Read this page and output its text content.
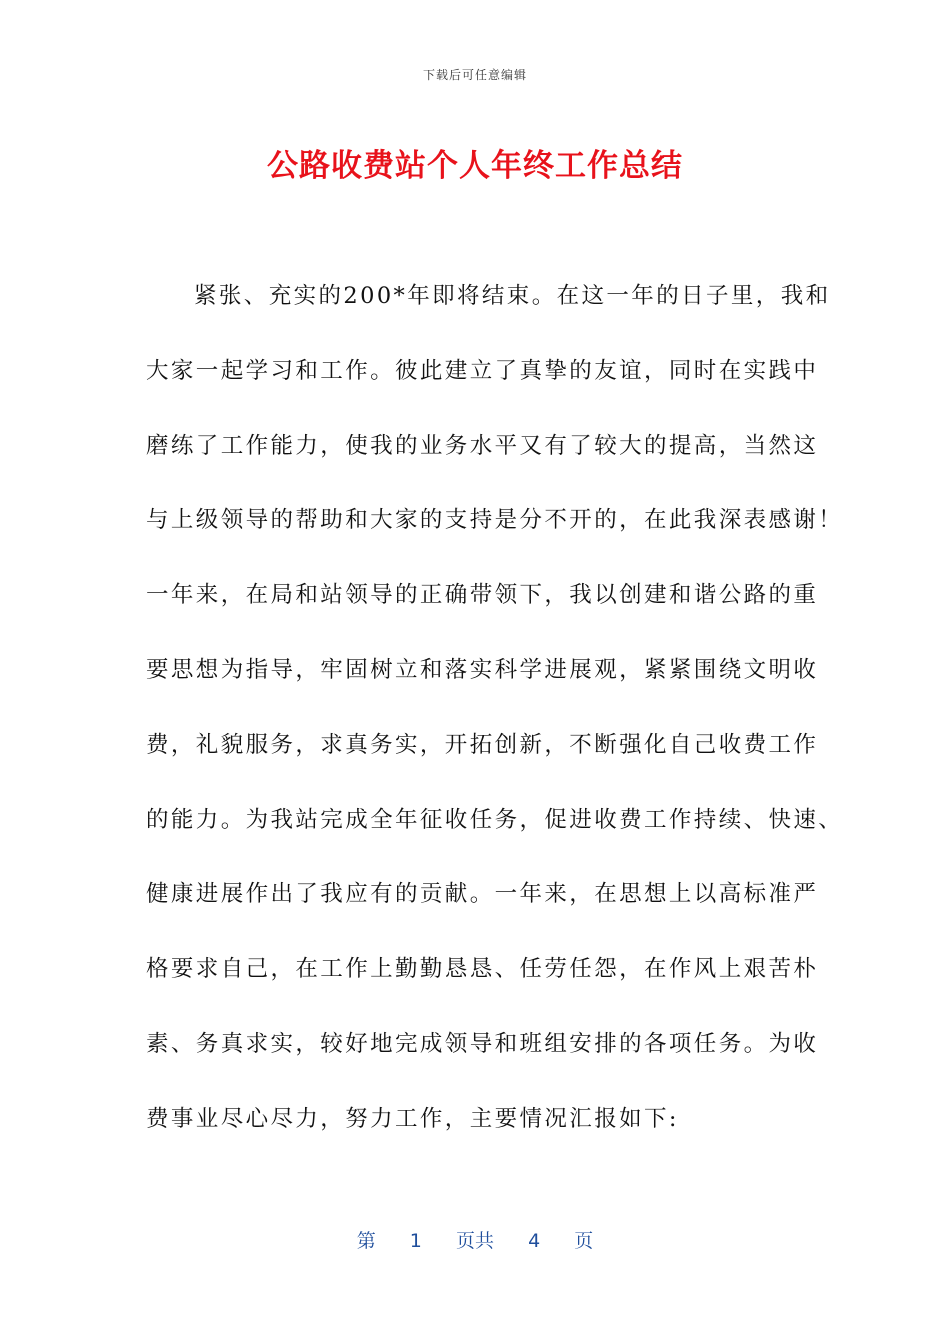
下载后可任意编辑
公路收费站个人年终工作总结
紧张、充实的200*年即将结束。在这一年的日子里，我和
大家一起学习和工作。彼此建立了真挚的友谊，同时在实践中
磨练了工作能力，使我的业务水平又有了较大的提高，当然这
与上级领导的帮助和大家的支持是分不开的，在此我深表感谢！
一年来，在局和站领导的正确带领下，我以创建和谐公路的重
要思想为指导，牢固树立和落实科学进展观，紧紧围绕文明收
费，礼貌服务，求真务实，开拓创新，不断强化自己收费工作
的能力。为我站完成全年征收任务，促进收费工作持续、快速、
健康进展作出了我应有的贡献。一年来，在思想上以高标准严
格要求自己，在工作上勤勤恳恳、任劳任怨，在作风上艰苦朴
素、务真求实，较好地完成领导和班组安排的各项任务。为收
费事业尽心尽力，努力工作，主要情况汇报如下:
第 1 页共 4 页
